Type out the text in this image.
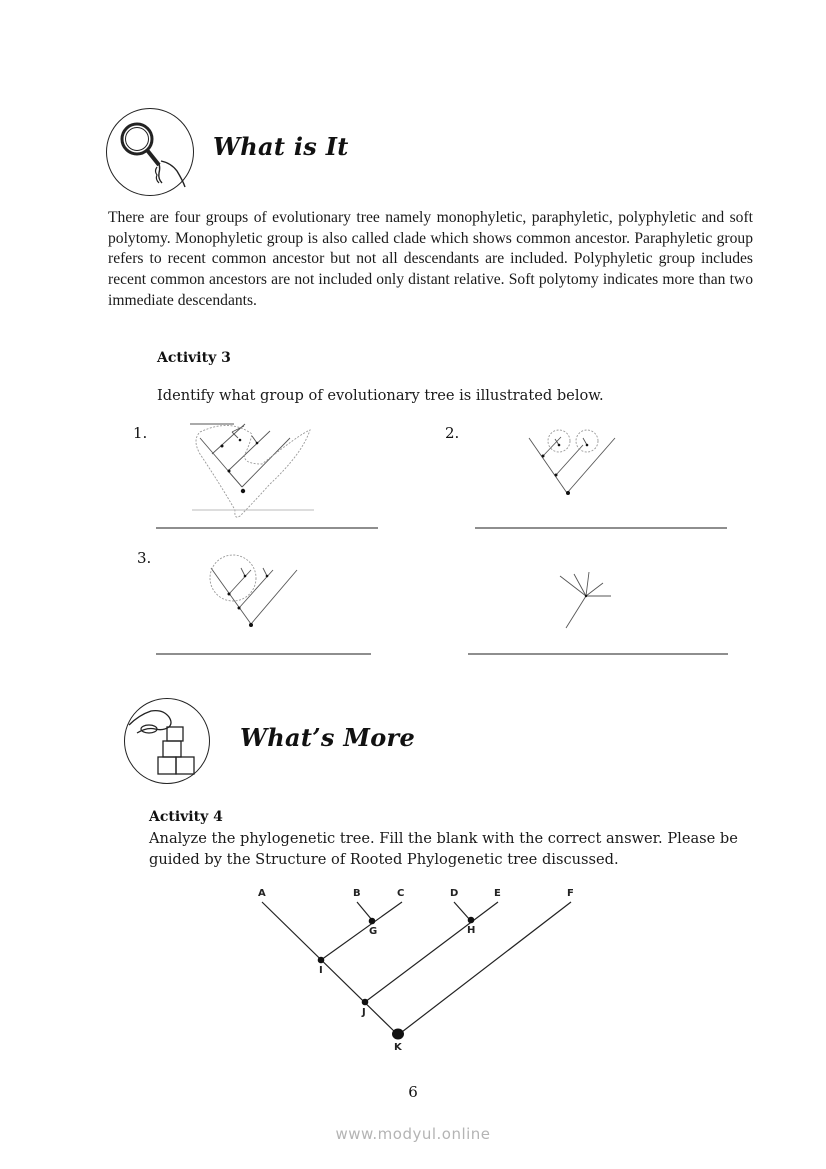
What is It

There are four groups of evolutionary tree namely monophyletic, paraphyletic, polyphyletic and soft polytomy. Monophyletic group is also called clade which shows common ancestor. Paraphyletic group refers to recent common ancestor but not all descendants are included. Polyphyletic group includes recent common ancestors are not included only distant relative. Soft polytomy indicates more than two immediate descendants.

Activity 3
Identify what group of evolutionary tree is illustrated below.
1.	2.
3.
What’s More
Activity 4
Analyze the phylogenetic tree. Fill the blank with the correct answer. Please be guided by the Structure of Rooted Phylogenetic tree discussed.
A	B	C	D	E	F
G	H
I
J
K
6
www.modyul.online
